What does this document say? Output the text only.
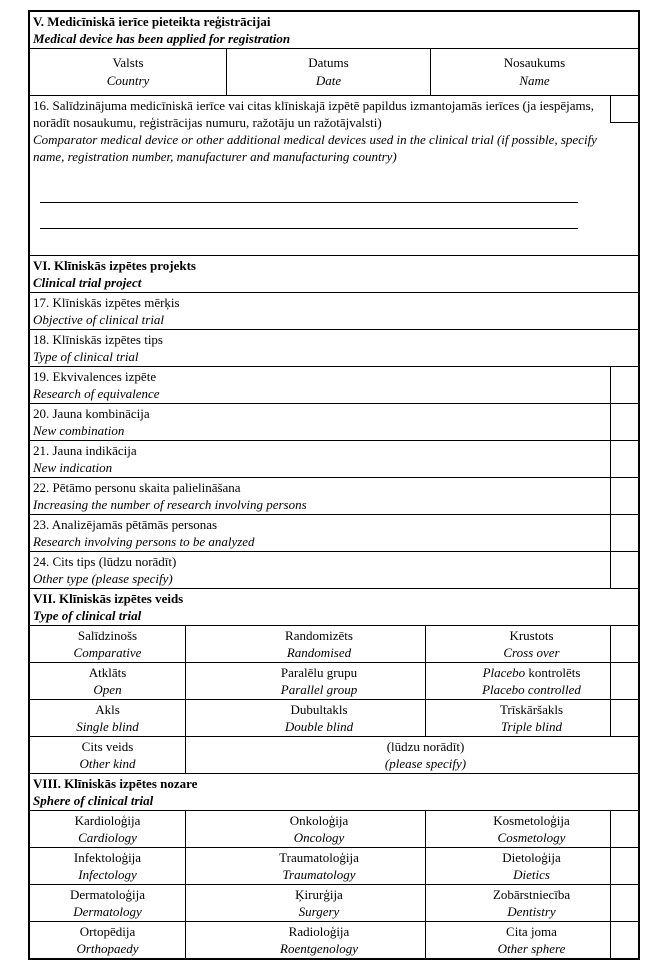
V. Medicīniskā ierīce pieteikta reģistrācijai
Medical device has been applied for registration
Valsts
Country
Datums
Date
Nosaukums
Name
16. Salīdzinājuma medicīniskā ierīce vai citas klīniskajā izpētē papildus izmantojamās ierīces (ja iespējams, norādīt nosaukumu, reģistrācijas numuru, ražotāju un ražotājvalsti)
Comparator medical device or other additional medical devices used in the clinical trial (if possible, specify name, registration number, manufacturer and manufacturing country)
VI. Klīniskās izpētes projekts
Clinical trial project
17. Klīniskās izpētes mērķis
Objective of clinical trial
18. Klīniskās izpētes tips
Type of clinical trial
19. Ekvivalences izpēte
Research of equivalence
20. Jauna kombinācija
New combination
21. Jauna indikācija
New indication
22. Pētāmo personu skaita palielināšana
Increasing the number of research involving persons
23. Analizējamās pētāmās personas
Research involving persons to be analyzed
24. Cits tips (lūdzu norādīt)
Other type (please specify)
VII. Klīniskās izpētes veids
Type of clinical trial
Salīdzinošs
Comparative
Randomizēts
Randomised
Krustots
Cross over
Atklāts
Open
Paralēlu grupu
Parallel group
Placebo kontrolēts
Placebo controlled
Akls
Single blind
Dubultakls
Double blind
Trīskāršakls
Triple blind
Cits veids
Other kind
(lūdzu norādīt)
(please specify)
VIII. Klīniskās izpētes nozare
Sphere of clinical trial
Kardioloģija
Cardiology
Onkoloģija
Oncology
Kosmetoloģija
Cosmetology
Infektoloģija
Infectology
Traumatoloģija
Traumatology
Dietoloģija
Dietics
Dermatoloģija
Dermatology
Ķirurģija
Surgery
Zobārstniecība
Dentistry
Ortopēdija
Orthopaedy
Radioloģija
Roentgenology
Cita joma
Other sphere
